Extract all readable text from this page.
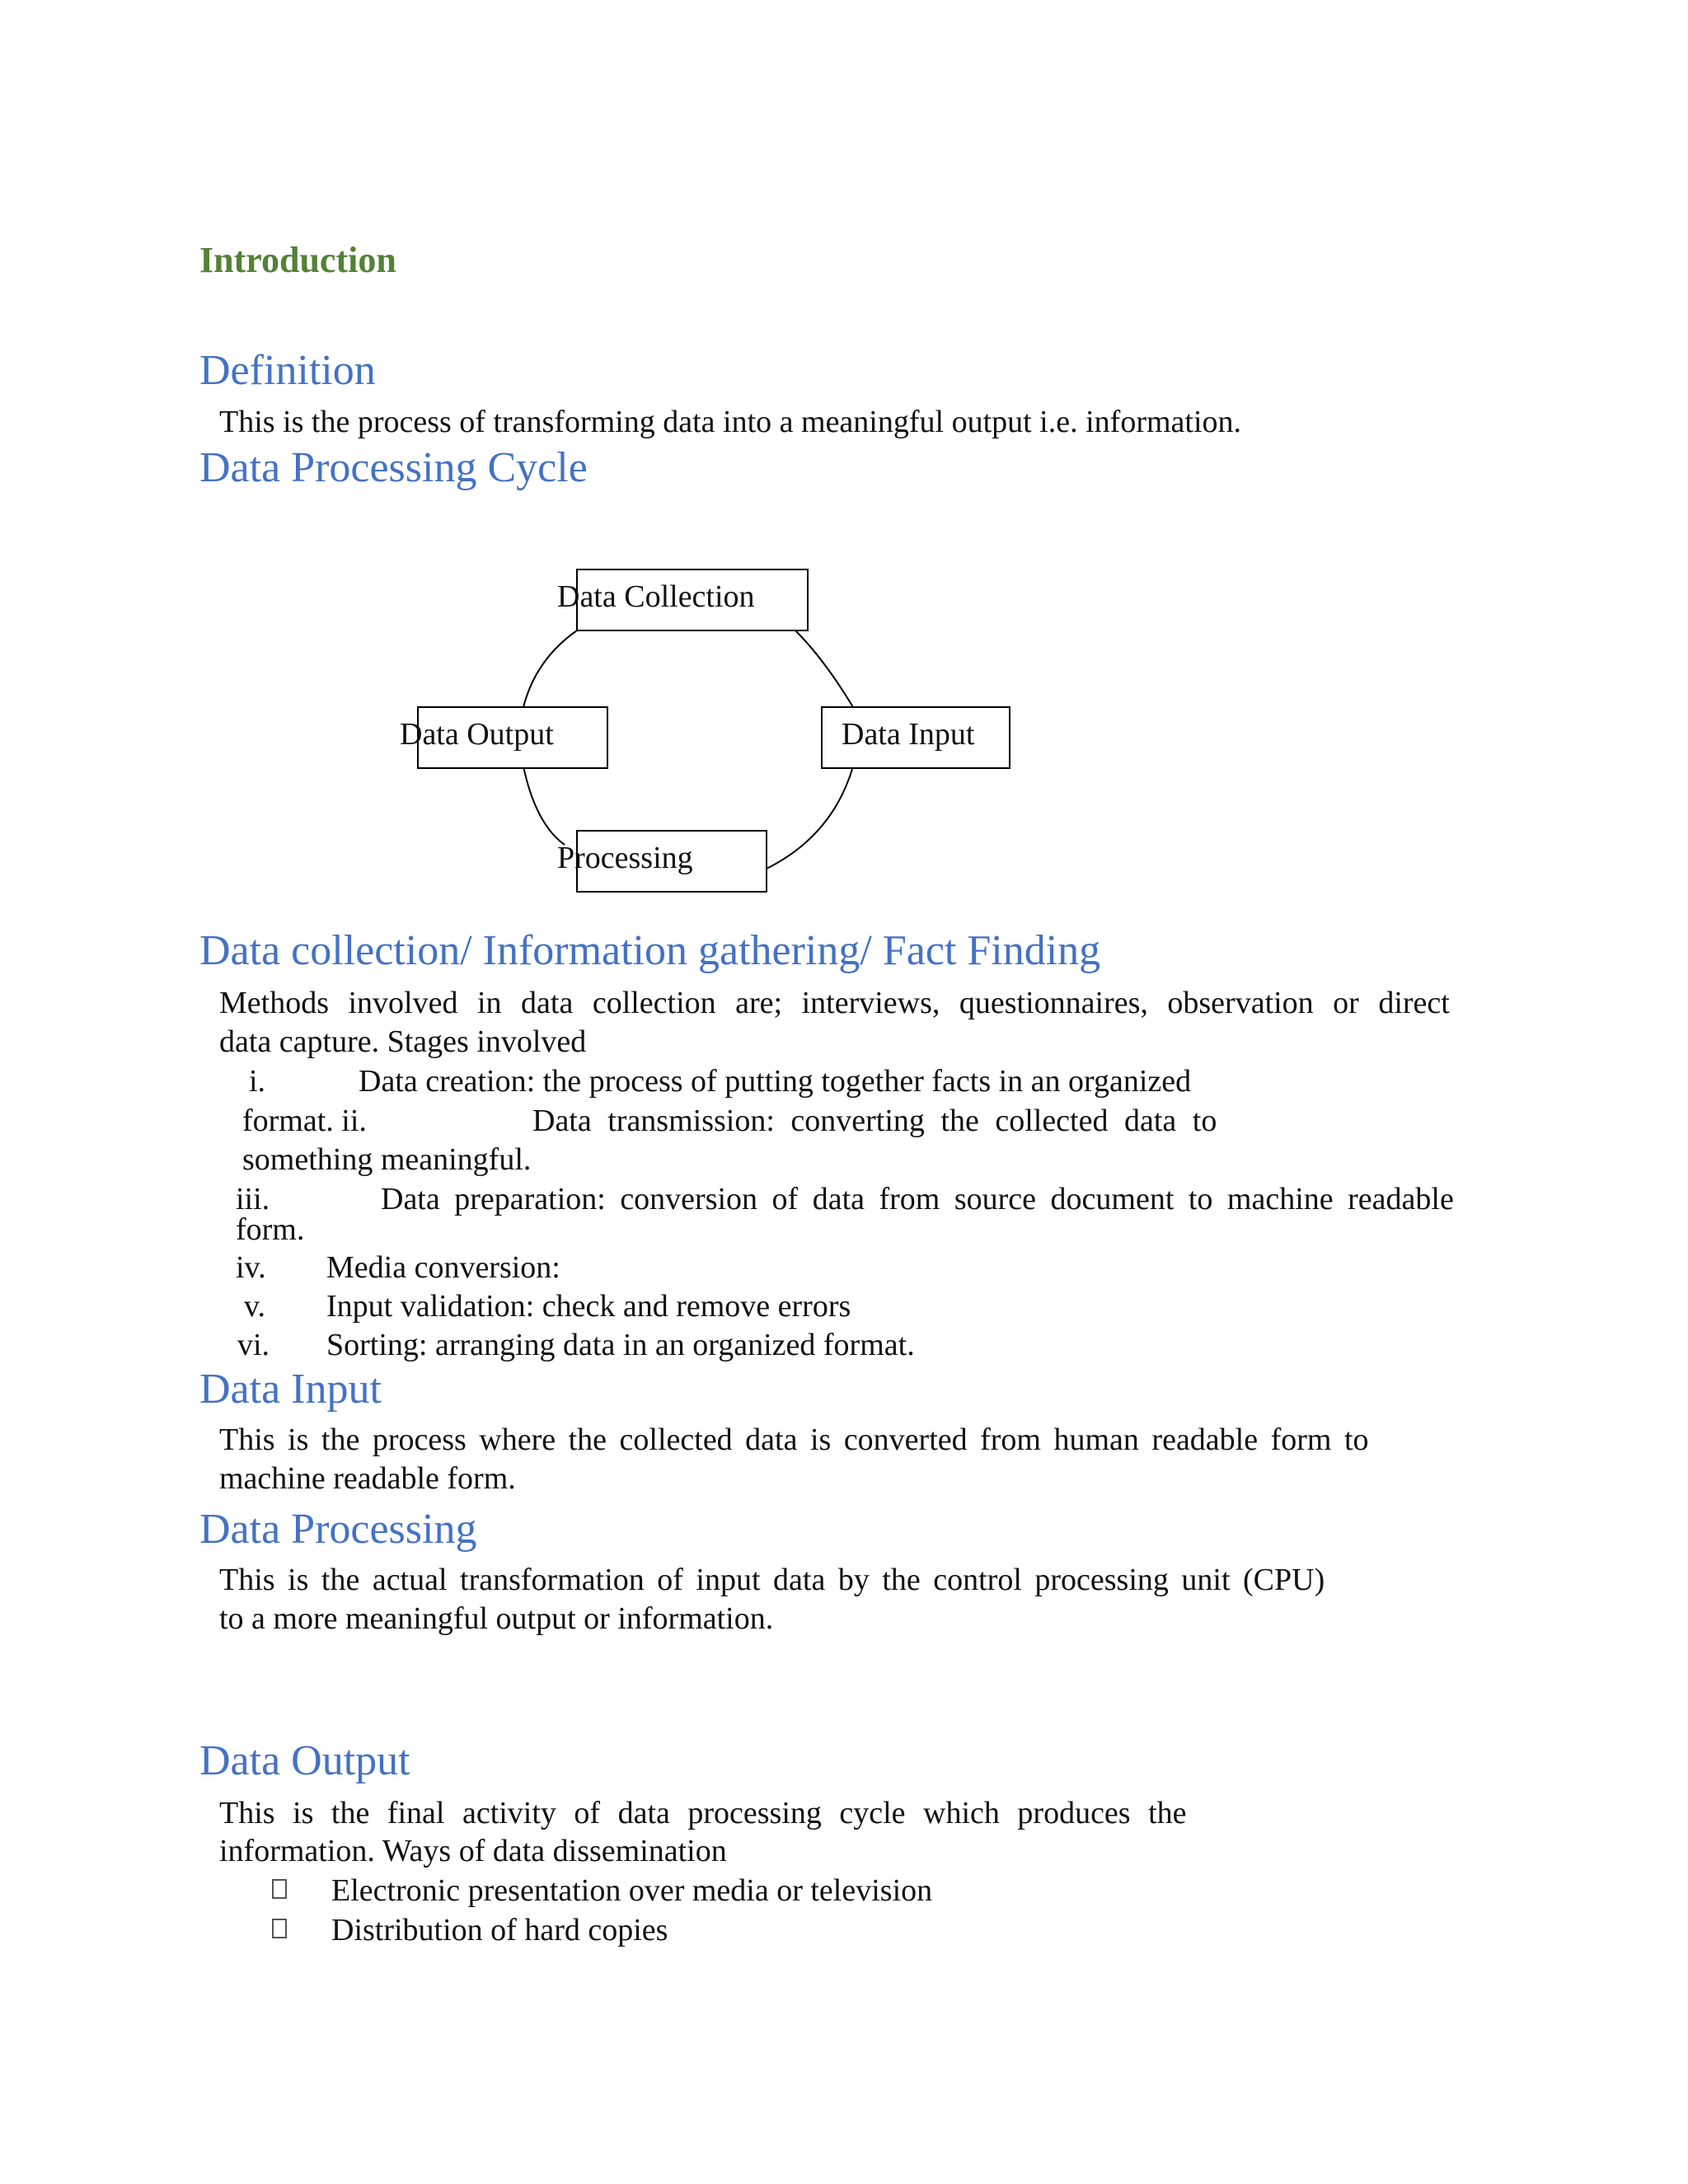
Introduction
Definition
This is the process of transforming data into a meaningful output i.e. information.
Data Processing Cycle
Data Collection
Data Output	Data Input
Processing
Data collection/ Information gathering/ Fact Finding
Methods involved in data collection are; interviews, questionnaires, observation or direct
data capture. Stages involved
i.	Data creation: the process of putting together facts in an organized
format. ii.	Data transmission: converting the collected data to
something meaningful.
iii.	Data preparation: conversion of data from source document to machine readable
form.
iv. Media conversion:
v. Input validation: check and remove errors
vi. Sorting: arranging data in an organized format.
Data Input
This is the process where the collected data is converted from human readable form to
machine readable form.
Data Processing
This is the actual transformation of input data by the control processing unit (CPU)
to a more meaningful output or information.
Data Output
This is the final activity of data processing cycle which produces the
information. Ways of data dissemination
Electronic presentation over media or television
Distribution of hard copies
